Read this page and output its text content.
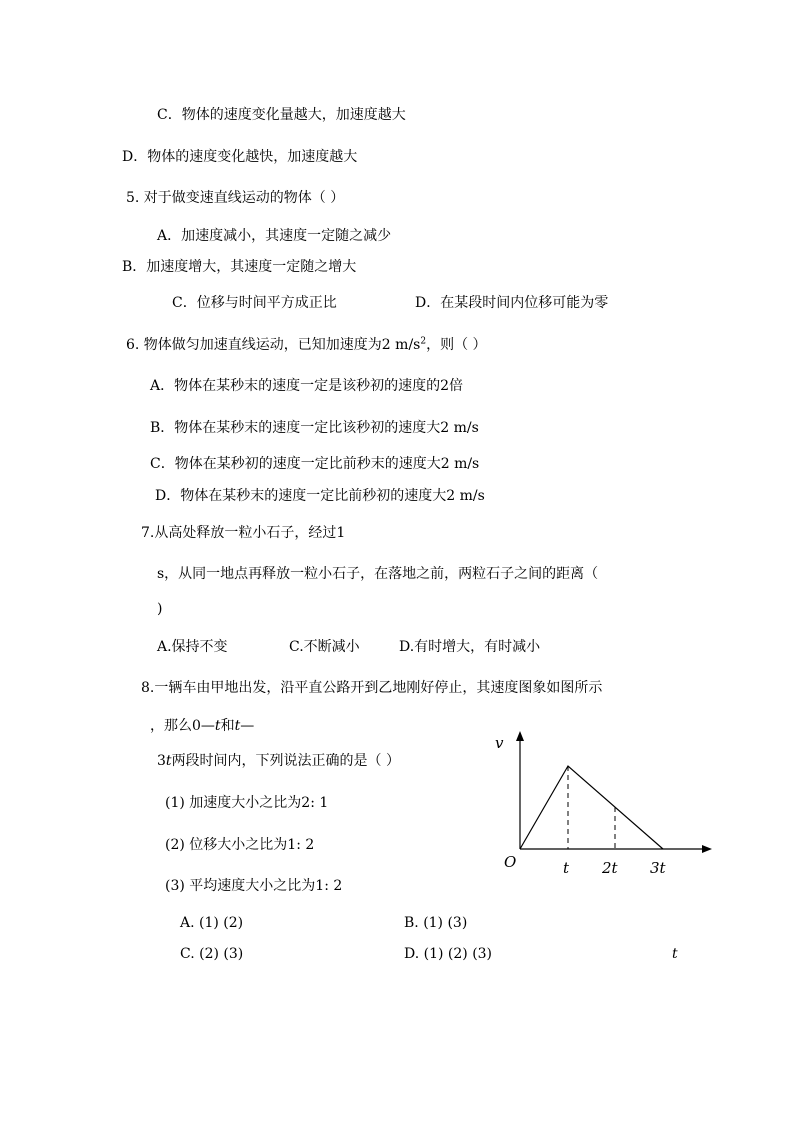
C．物体的速度变化量越大，加速度越大
D．物体的速度变化越快，加速度越大
5. 对于做变速直线运动的物体（ ）
A．加速度减小，其速度一定随之减少
B．加速度增大，其速度一定随之增大
C．位移与时间平方成正比	D．在某段时间内位移可能为零
6. 物体做匀加速直线运动，已知加速度为2 $m/s^2$，则（ ）
A．物体在某秒末的速度一定是该秒初的速度的2倍
B．物体在某秒末的速度一定比该秒初的速度大2 m/s
C．物体在某秒初的速度一定比前秒末的速度大2 m/s
D．物体在某秒末的速度一定比前秒初的速度大2 m/s
7.从高处释放一粒小石子，经过1
s，从同一地点再释放一粒小石子，在落地之前，两粒石子之间的距离（
)
A.保持不变	C.不断减小	D.有时增大，有时减小
8.一辆车由甲地出发，沿平直公路开到乙地刚好停止，其速度图象如图所示
，那么0—t和t—
3t两段时间内，下列说法正确的是（ ）
(1) 加速度大小之比为2: 1
(2) 位移大小之比为1: 2
(3) 平均速度大小之比为1: 2
A. (1) (2)	B. (1) (3)
C. (2) (3)	D. (1) (2) (3)	t
v
O	t 2t 3t
